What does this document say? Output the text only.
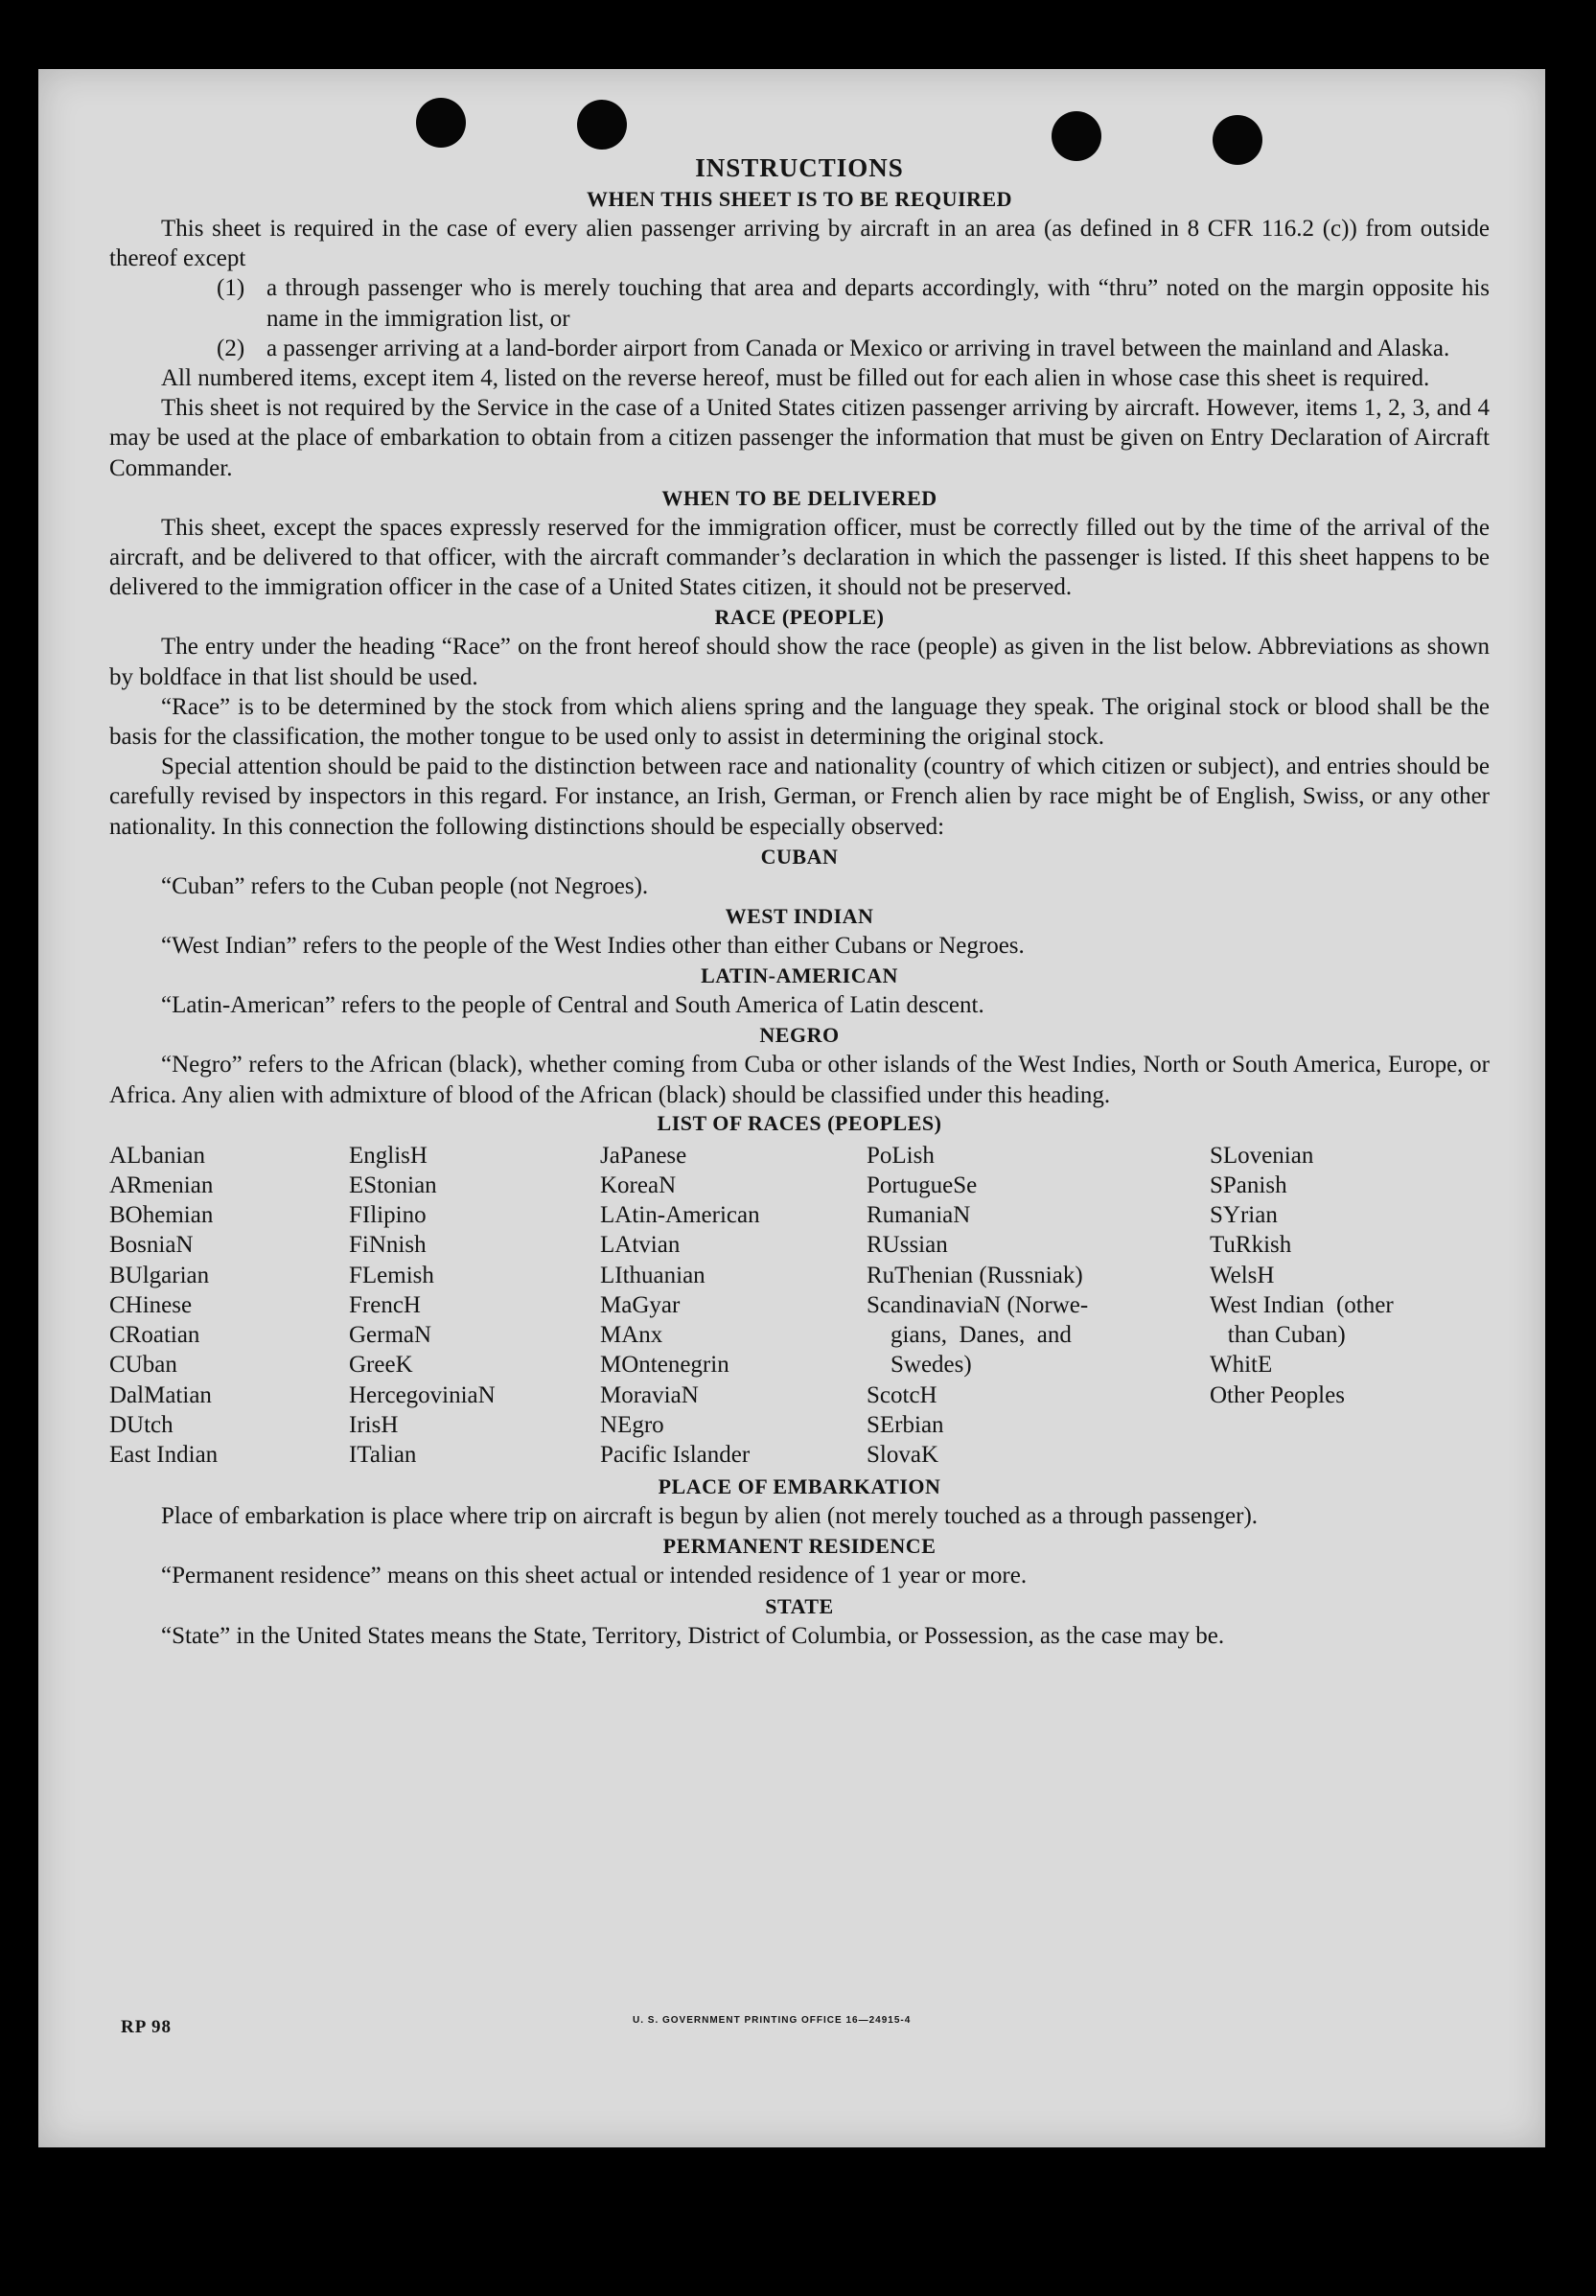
INSTRUCTIONS
WHEN THIS SHEET IS TO BE REQUIRED

This sheet is required in the case of every alien passenger arriving by aircraft in an area (as defined in 8 CFR 116.2 (c)) from outside thereof except

(1) a through passenger who is merely touching that area and departs accordingly, with “thru” noted on the margin opposite his name in the immigration list, or
(2) a passenger arriving at a land-border airport from Canada or Mexico or arriving in travel between the mainland and Alaska.

All numbered items, except item 4, listed on the reverse hereof, must be filled out for each alien in whose case this sheet is required.

This sheet is not required by the Service in the case of a United States citizen passenger arriving by aircraft. However, items 1, 2, 3, and 4 may be used at the place of embarkation to obtain from a citizen passenger the information that must be given on Entry Declaration of Aircraft Commander.

WHEN TO BE DELIVERED

This sheet, except the spaces expressly reserved for the immigration officer, must be correctly filled out by the time of the arrival of the aircraft, and be delivered to that officer, with the aircraft commander’s declaration in which the passenger is listed. If this sheet happens to be delivered to the immigration officer in the case of a United States citizen, it should not be preserved.

RACE (PEOPLE)

The entry under the heading “Race” on the front hereof should show the race (people) as given in the list below. Abbreviations as shown by boldface in that list should be used.

“Race” is to be determined by the stock from which aliens spring and the language they speak. The original stock or blood shall be the basis for the classification, the mother tongue to be used only to assist in determining the original stock.

Special attention should be paid to the distinction between race and nationality (country of which citizen or subject), and entries should be carefully revised by inspectors in this regard. For instance, an Irish, German, or French alien by race might be of English, Swiss, or any other nationality. In this connection the following distinctions should be especially observed:

CUBAN

“Cuban” refers to the Cuban people (not Negroes).

WEST INDIAN

“West Indian” refers to the people of the West Indies other than either Cubans or Negroes.

LATIN-AMERICAN

“Latin-American” refers to the people of Central and South America of Latin descent.

NEGRO

“Negro” refers to the African (black), whether coming from Cuba or other islands of the West Indies, North or South America, Europe, or Africa. Any alien with admixture of blood of the African (black) should be classified under this heading.

LIST OF RACES (PEOPLES)
ALbanian
ARmenian
BOhemian
BosniaN
BUlgarian
CHinese
CRoatian
CUban
DalMatian
DUtch
East Indian
EnglisH
EStonian
FIlipino
FiNnish
FLemish
FrencH
GermaN
GreeK
HercegoviniaN
IrisH
ITalian
JaPanese
KoreaN
LAtin-American
LAtvian
LIthuanian
MaGyar
MAnx
MOntenegrin
MoraviaN
NEgro
Pacific Islander
PoLish
PortugueSe
RumaniaN
RUssian
RuThenian (Russniak)
ScandinaviaN (Norwe-
gians,  Danes,  and
Swedes)
ScotcH
SErbian
SlovaK
SLovenian
SPanish
SYrian
TuRkish
WelsH
West Indian  (other
than Cuban)
WhitE
Other Peoples
PLACE OF EMBARKATION

Place of embarkation is place where trip on aircraft is begun by alien (not merely touched as a through passenger).

PERMANENT RESIDENCE

“Permanent residence” means on this sheet actual or intended residence of 1 year or more.

STATE

“State” in the United States means the State, Territory, District of Columbia, or Possession, as the case may be.

RP 98	U. S. GOVERNMENT PRINTING OFFICE 16—24915-4
